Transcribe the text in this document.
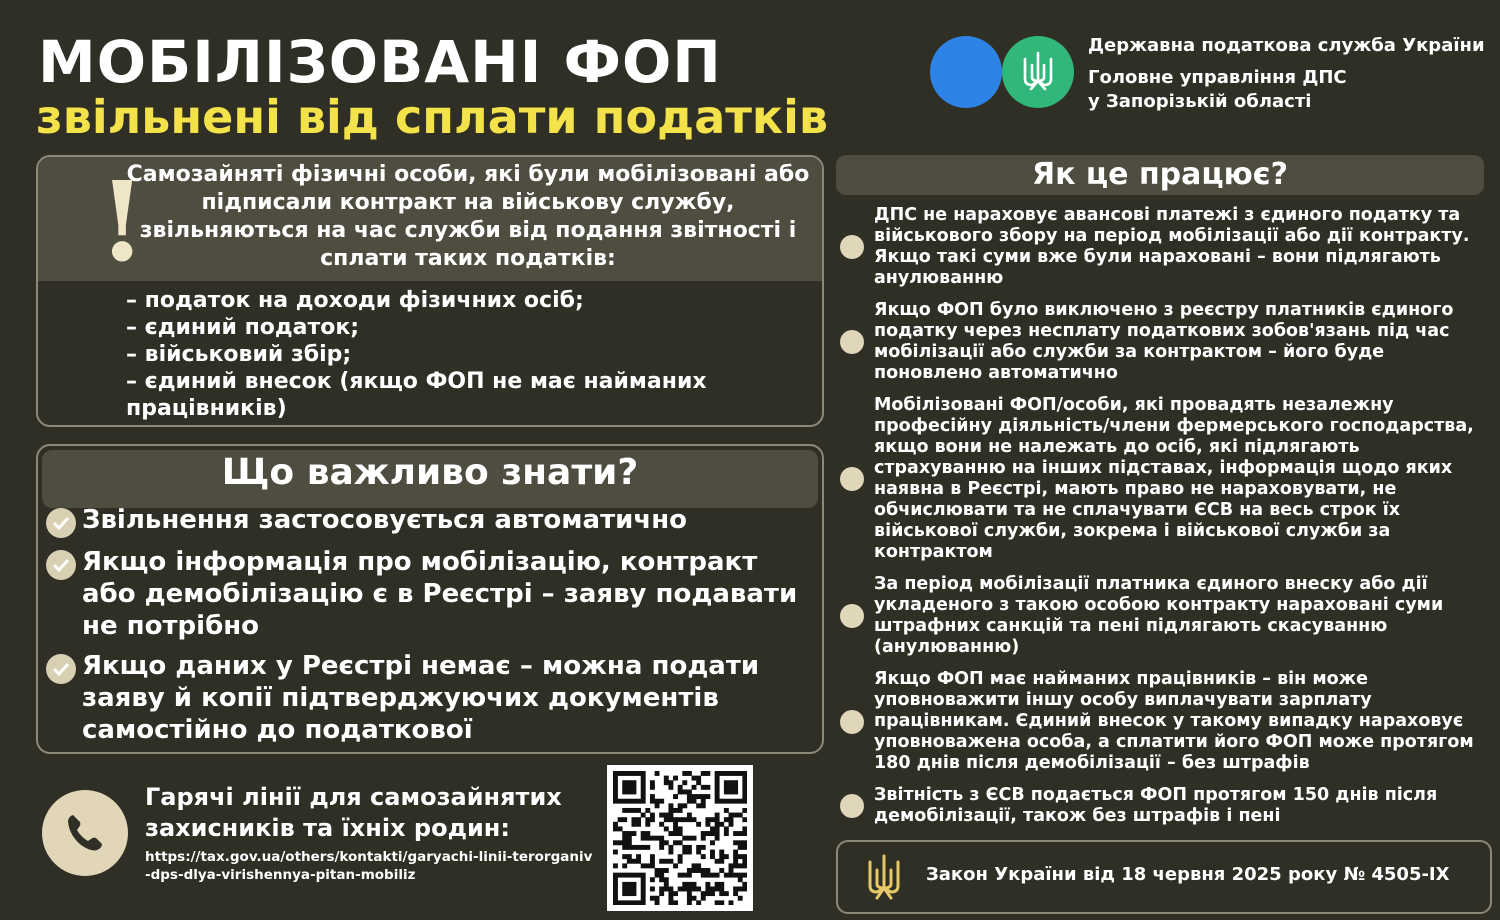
МОБІЛІЗОВАНІ ФОП
звільнені від сплати податків
Державна податкова служба України
Головне управління ДПС
у Запорізькій області
!
Самозайняті фізичні особи, які були мобілізовані або підписали контракт на військову службу, звільняються на час служби від подання звітності і сплати таких податків:
– податок на доходи фізичних осіб;
– єдиний податок;
– військовий збір;
– єдиний внесок (якщо ФОП не має найманих працівників)
Що важливо знати?
Звільнення застосовується автоматично
Якщо інформація про мобілізацію, контракт або демобілізацію є в Реєстрі – заяву подавати не потрібно
Якщо даних у Реєстрі немає – можна подати заяву й копії підтверджуючих документів самостійно до податкової
Гарячі лінії для самозайнятих захисників та їхніх родин:
https://tax.gov.ua/others/kontakti/garyachi-linii-terorganiv-dps-dlya-virishennya-pitan-mobiliz
Як це працює?
ДПС не нараховує авансові платежі з єдиного податку та військового збору на період мобілізації або дії контракту. Якщо такі суми вже були нараховані – вони підлягають анулюванню
Якщо ФОП було виключено з реєстру платників єдиного податку через несплату податкових зобов'язань під час мобілізації або служби за контрактом – його буде поновлено автоматично
Мобілізовані ФОП/особи, які провадять незалежну професійну діяльність/члени фермерського господарства, якщо вони не належать до осіб, які підлягають страхуванню на інших підставах, інформація щодо яких наявна в Реєстрі, мають право не нараховувати, не обчислювати та не сплачувати ЄСВ на весь строк їх військової служби, зокрема і військової служби за контрактом
За період мобілізації платника єдиного внеску або дії укладеного з такою особою контракту нараховані суми штрафних санкцій та пені підлягають скасуванню (анулюванню)
Якщо ФОП має найманих працівників – він може уповноважити іншу особу виплачувати зарплату працівникам. Єдиний внесок у такому випадку нараховує уповноважена особа, а сплатити його ФОП може протягом 180 днів після демобілізації – без штрафів
Звітність з ЄСВ подається ФОП протягом 150 днів після демобілізації, також без штрафів і пені
Закон України від 18 червня 2025 року № 4505-IX
